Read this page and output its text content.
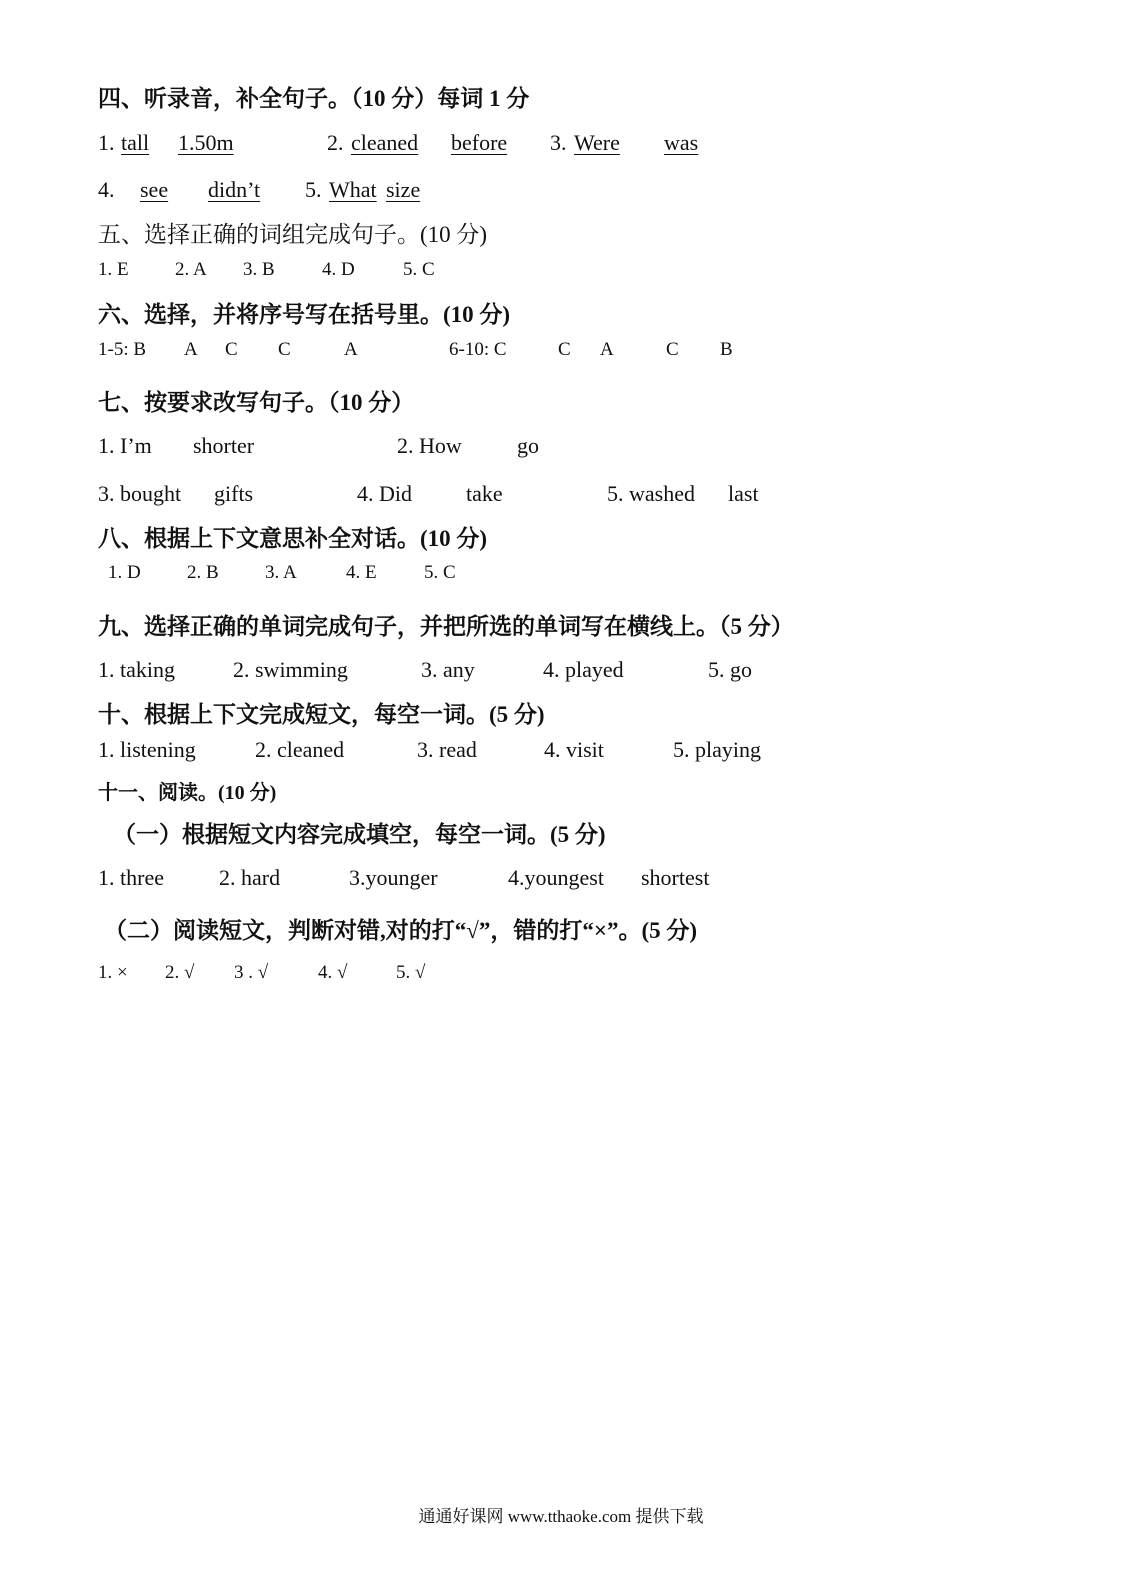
四、听录音，补全句子。（10 分）每词 1 分
1. tall 1.50m	2. cleaned before 3. Were was
4. see didn’t 5. What size
五、选择正确的词组完成句子。(10 分)
1. E 2. A 3. B 4. D	5. C
六、选择，并将序号写在括号里。(10 分)
1-5: B A C C	A	6-10: C	C A	C B
七、按要求改写句子。（10 分）
1. I’m shorter	2. How	go
3. bought gifts	4. Did take	5. washed last
八、根据上下文意思补全对话。(10 分)
1. D 2. B 3. A	4. E 5. C
九、选择正确的单词完成句子，并把所选的单词写在横线上。（5 分）
1. taking	2. swimming	3. any	4. played	5. go
十、根据上下文完成短文，每空一词。(5 分)
1. listening	2. cleaned	3. read	4. visit	5. playing
十一、阅读。(10 分)
（一）根据短文内容完成填空，每空一词。(5 分)
1. three	2. hard	3.younger	4.youngest shortest
（二）阅读短文，判断对错,对的打“√”，错的打“×”。(5 分)
1. × 2. √ 3 . √	4. √	5. √
通通好课网 www.tthaoke.com 提供下载
